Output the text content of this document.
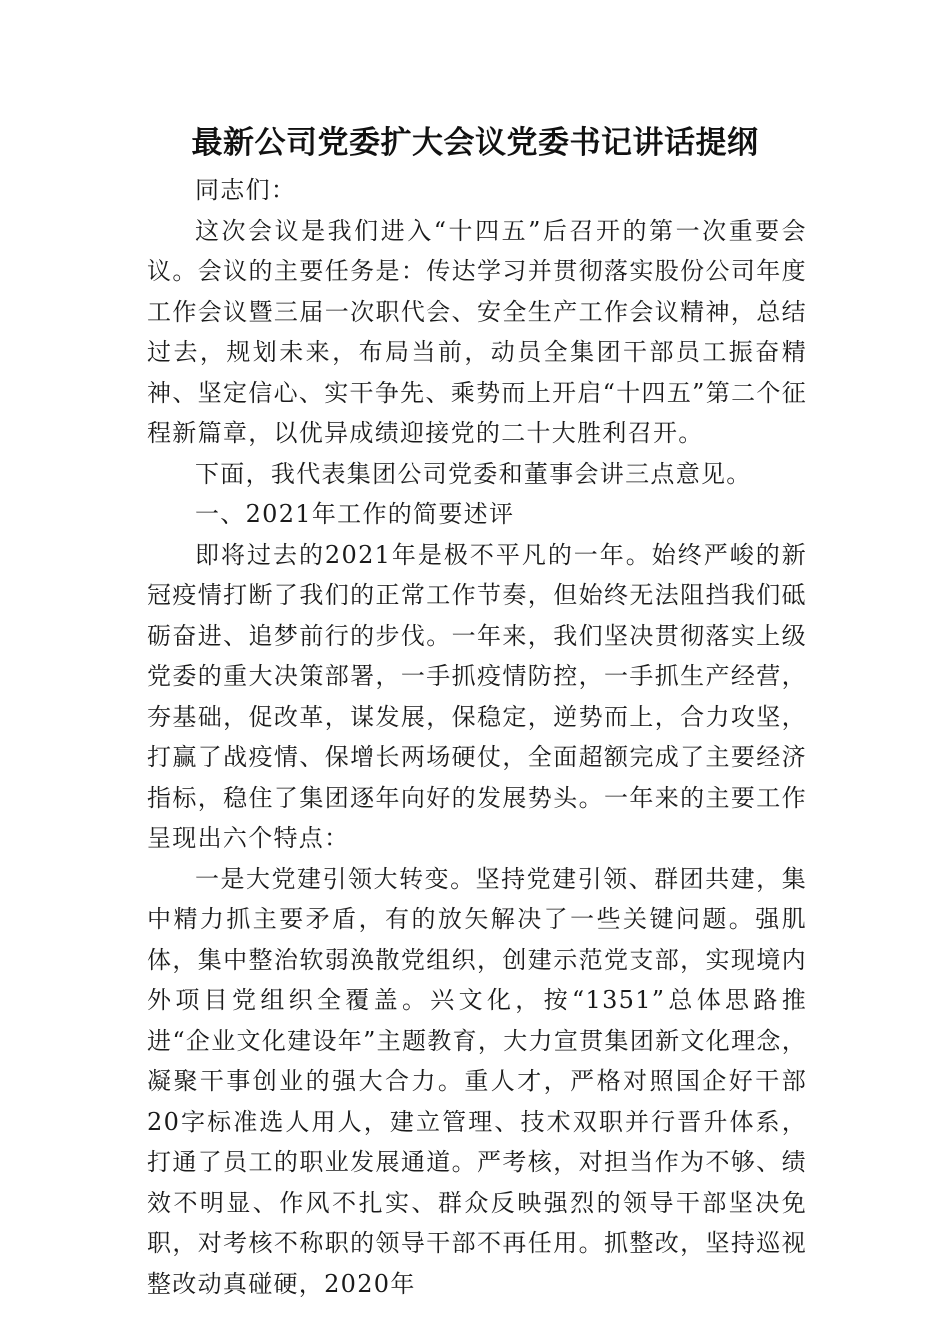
最新公司党委扩大会议党委书记讲话提纲

同志们：

这次会议是我们进入“十四五”后召开的第一次重要会议。会议的主要任务是：传达学习并贯彻落实股份公司年度工作会议暨三届一次职代会、安全生产工作会议精神，总结过去，规划未来，布局当前，动员全集团干部员工振奋精神、坚定信心、实干争先、乘势而上开启“十四五”第二个征程新篇章，以优异成绩迎接党的二十大胜利召开。

下面，我代表集团公司党委和董事会讲三点意见。

一、2021年工作的简要述评

即将过去的2021年是极不平凡的一年。始终严峻的新冠疫情打断了我们的正常工作节奏，但始终无法阻挡我们砥砺奋进、追梦前行的步伐。一年来，我们坚决贯彻落实上级党委的重大决策部署，一手抓疫情防控，一手抓生产经营，夯基础，促改革，谋发展，保稳定，逆势而上，合力攻坚，打赢了战疫情、保增长两场硬仗，全面超额完成了主要经济指标，稳住了集团逐年向好的发展势头。一年来的主要工作呈现出六个特点：

一是大党建引领大转变。坚持党建引领、群团共建，集中精力抓主要矛盾，有的放矢解决了一些关键问题。强肌体，集中整治软弱涣散党组织，创建示范党支部，实现境内外项目党组织全覆盖。兴文化，按“1351”总体思路推进“企业文化建设年”主题教育，大力宣贯集团新文化理念，凝聚干事创业的强大合力。重人才，严格对照国企好干部20字标准选人用人，建立管理、技术双职并行晋升体系，打通了员工的职业发展通道。严考核，对担当作为不够、绩效不明显、作风不扎实、群众反映强烈的领导干部坚决免职，对考核不称职的领导干部不再任用。抓整改，坚持巡视整改动真碰硬，2020年
